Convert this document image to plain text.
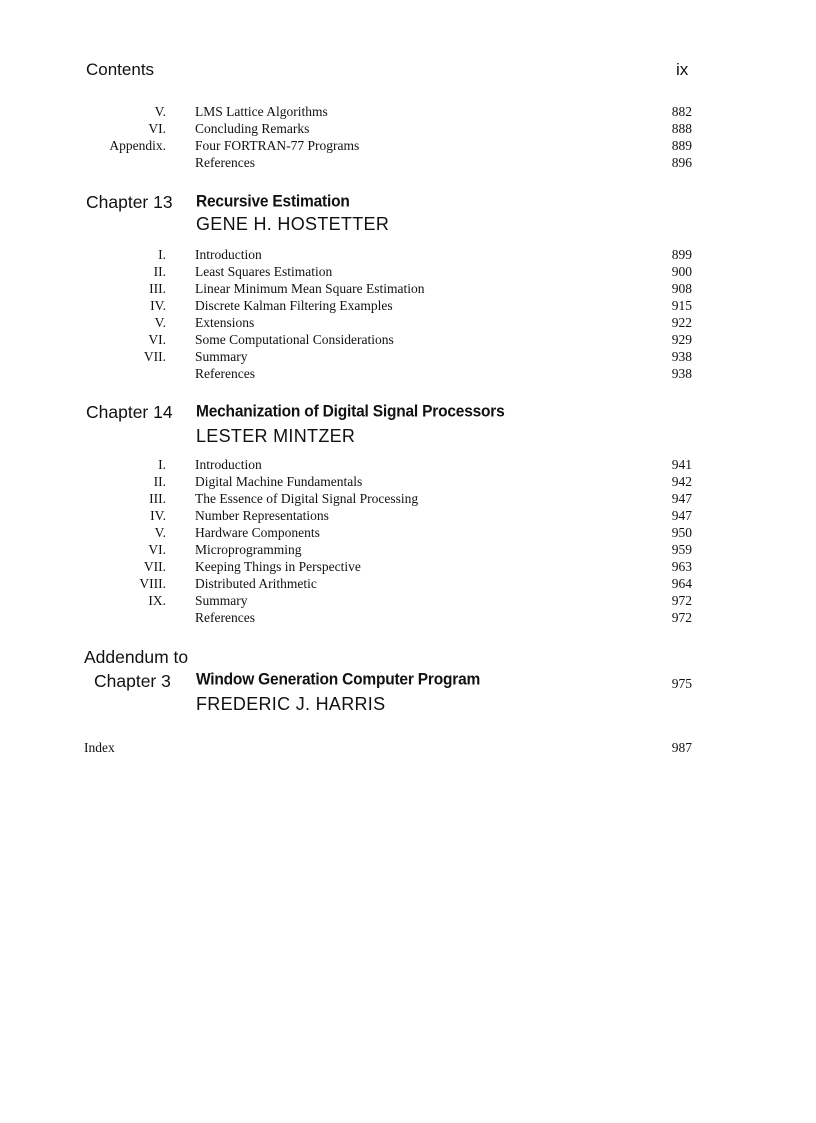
Contents	ix
V. LMS Lattice Algorithms	882
VI. Concluding Remarks	888
Appendix. Four FORTRAN-77 Programs	889
References	896
Chapter 13 Recursive Estimation
GENE H. HOSTETTER
I. Introduction	899
II. Least Squares Estimation	900
III. Linear Minimum Mean Square Estimation	908
IV. Discrete Kalman Filtering Examples	915
V. Extensions	922
VI. Some Computational Considerations	929
VII. Summary	938
References	938
Chapter 14 Mechanization of Digital Signal Processors
LESTER MINTZER
I. Introduction	941
II. Digital Machine Fundamentals	942
III. The Essence of Digital Signal Processing	947
IV. Number Representations	947
V. Hardware Components	950
VI. Microprogramming	959
VII. Keeping Things in Perspective	963
VIII. Distributed Arithmetic	964
IX. Summary	972
References	972
Addendum to
Chapter 3 Window Generation Computer Program	975
FREDERIC J. HARRIS
Index	987
